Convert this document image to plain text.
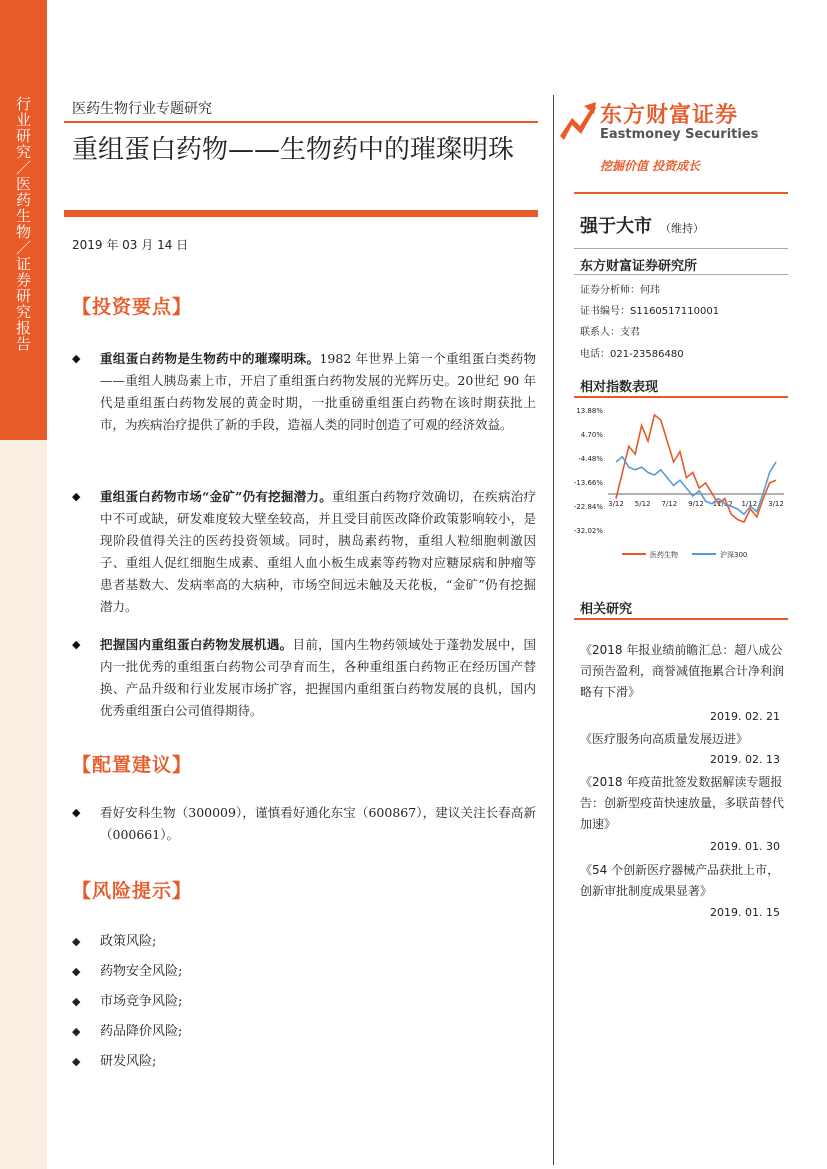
行业研究／医药生物／证券研究报告	医药生物行业专题研究
重组蛋白药物——生物药中的璀璨明珠
2019 年 03 月 14 日
【投资要点】
◆ 重组蛋白药物是生物药中的璀璨明珠。1982 年世界上第一个重组蛋白类药物——重组人胰岛素上市，开启了重组蛋白药物发展的光辉历史。20世纪 90 年代是重组蛋白药物发展的黄金时期，一批重磅重组蛋白药物在该时期获批上市，为疾病治疗提供了新的手段，造福人类的同时创造了可观的经济效益。
◆ 重组蛋白药物市场“金矿”仍有挖掘潜力。重组蛋白药物疗效确切，在疾病治疗中不可或缺，研发难度较大壁垒较高，并且受目前医改降价政策影响较小，是现阶段值得关注的医药投资领域。同时，胰岛素药物，重组人粒细胞刺激因子、重组人促红细胞生成素、重组人血小板生成素等药物对应糖尿病和肿瘤等患者基数大、发病率高的大病种，市场空间远未触及天花板，“金矿”仍有挖掘潜力。
◆ 把握国内重组蛋白药物发展机遇。目前，国内生物药领域处于蓬勃发展中，国内一批优秀的重组蛋白药物公司孕育而生，各种重组蛋白药物正在经历国产替换、产品升级和行业发展市场扩容，把握国内重组蛋白药物发展的良机，国内优秀重组蛋白公司值得期待。
【配置建议】
◆ 看好安科生物（300009），谨慎看好通化东宝（600867），建议关注长春高新（000661）。
【风险提示】
◆ 政策风险;
◆ 药物安全风险;
◆ 市场竞争风险;
◆ 药品降价风险;
◆ 研发风险;
东方财富证券
Eastmoney Securities
挖掘价值 投资成长
强于大市 （维持）
东方财富证券研究所
证券分析师：何玮
证书编号：S1160517110001
联系人：支君
电话：021-23586480
相对指数表现
13.88%
4.70%
-4.48%
-13.66%
-22.84%
-32.02%
3/12 5/12 7/12 9/12 11/12 1/12 3/12
医药生物	沪深300
相关研究
《2018 年报业绩前瞻汇总：超八成公司预告盈利，商誉减值拖累合计净利润略有下滑》
2019. 02. 21
《医疗服务向高质量发展迈进》
2019. 02. 13
《2018 年疫苗批签发数据解读专题报告：创新型疫苗快速放量，多联苗替代加速》
2019. 01. 30
《54 个创新医疗器械产品获批上市，创新审批制度成果显著》
2019. 01. 15
